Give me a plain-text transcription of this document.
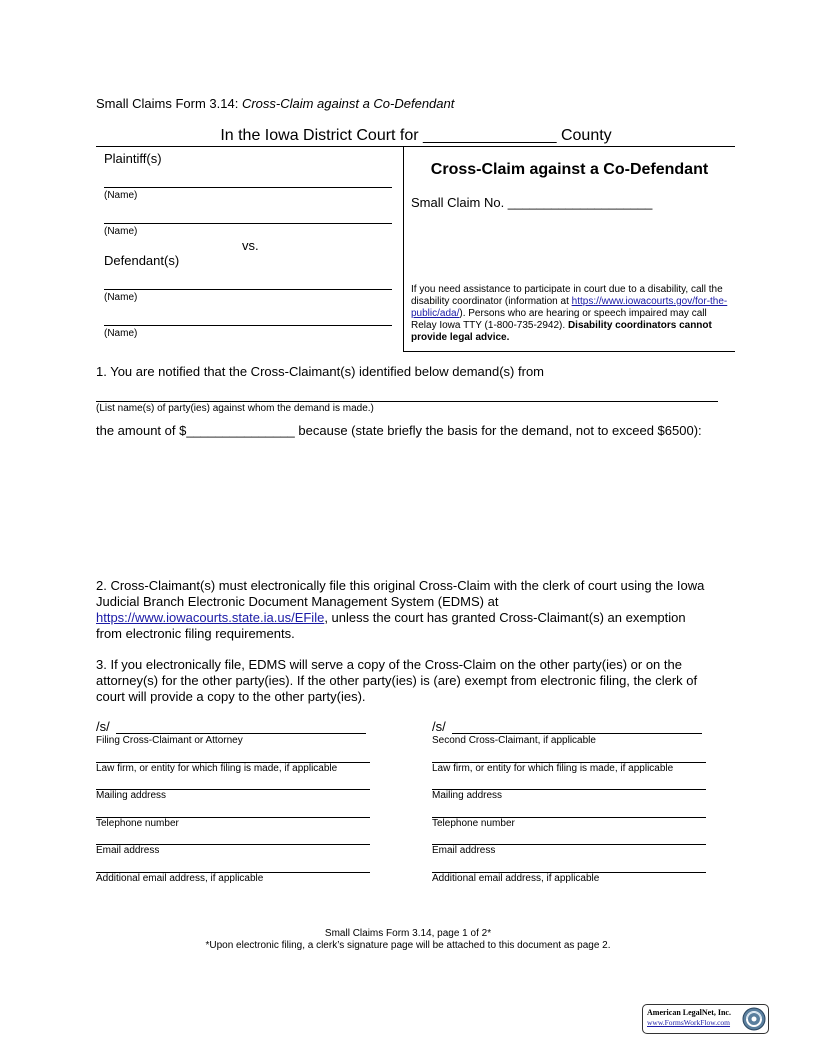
Small Claims Form 3.14: Cross-Claim against a Co-Defendant
In the Iowa District Court for _______________ County
Plaintiff(s)
(Name)
(Name)
vs.
Defendant(s)
(Name)
(Name)
Cross-Claim against a Co-Defendant
Small Claim No. ____________________
If you need assistance to participate in court due to a disability, call the disability coordinator (information at https://www.iowacourts.gov/for-the-public/ada/). Persons who are hearing or speech impaired may call Relay Iowa TTY (1-800-735-2942). Disability coordinators cannot provide legal advice.
1. You are notified that the Cross-Claimant(s) identified below demand(s) from
(List name(s) of party(ies) against whom the demand is made.)
the amount of $_______________ because (state briefly the basis for the demand, not to exceed $6500):
2. Cross-Claimant(s) must electronically file this original Cross-Claim with the clerk of court using the Iowa Judicial Branch Electronic Document Management System (EDMS) at https://www.iowacourts.state.ia.us/EFile, unless the court has granted Cross-Claimant(s) an exemption from electronic filing requirements.
3. If you electronically file, EDMS will serve a copy of the Cross-Claim on the other party(ies) or on the attorney(s) for the other party(ies). If the other party(ies) is (are) exempt from electronic filing, the clerk of court will provide a copy to the other party(ies).
/s/
Filing Cross-Claimant or Attorney
Law firm, or entity for which filing is made, if applicable
Mailing address
Telephone number
Email address
Additional email address, if applicable
/s/
Second Cross-Claimant, if applicable
Law firm, or entity for which filing is made, if applicable
Mailing address
Telephone number
Email address
Additional email address, if applicable
Small Claims Form 3.14, page 1 of 2*
*Upon electronic filing, a clerk’s signature page will be attached to this document as page 2.
American LegalNet, Inc.
www.FormsWorkFlow.com
